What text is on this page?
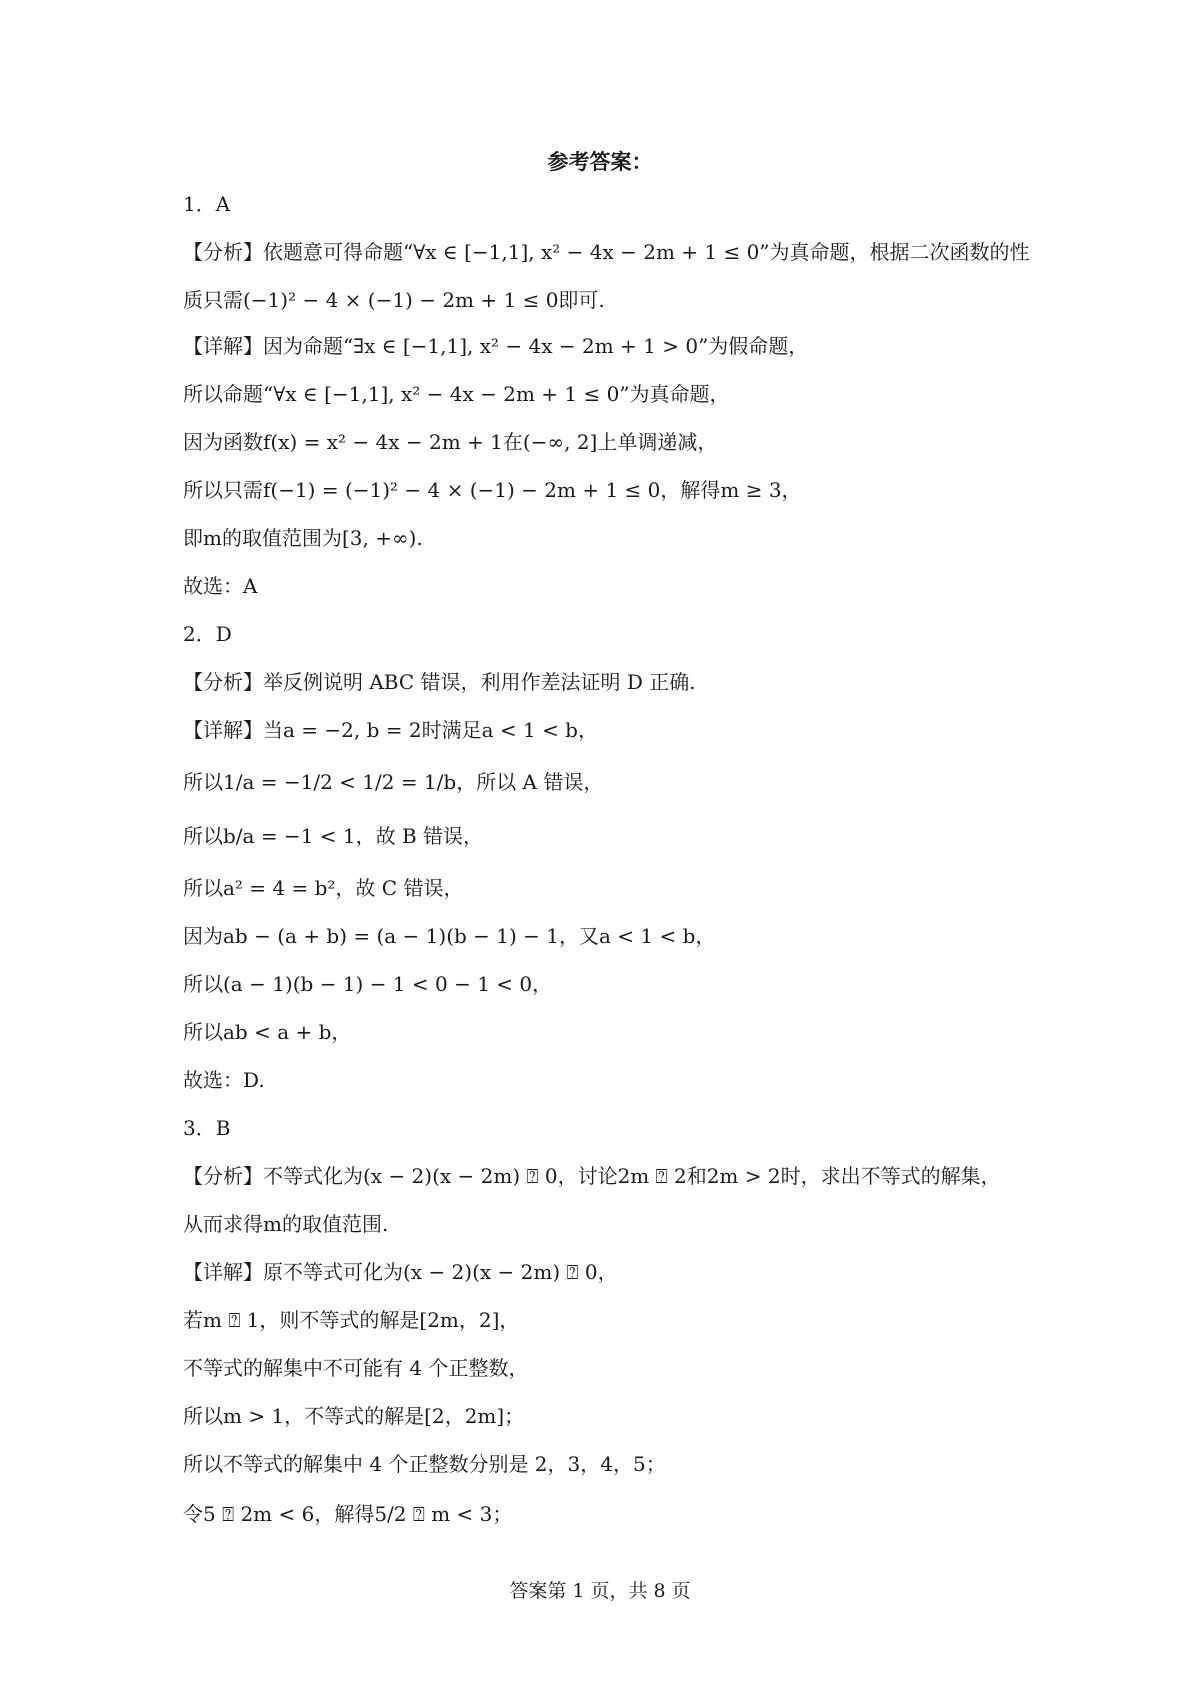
参考答案：
1．A
【分析】依题意可得命题“∀x ∈ [−1,1], x² − 4x − 2m + 1 ≤ 0”为真命题，根据二次函数的性
质只需(−1)² − 4 × (−1) − 2m + 1 ≤ 0即可.
【详解】因为命题“∃x ∈ [−1,1], x² − 4x − 2m + 1 > 0”为假命题，
所以命题“∀x ∈ [−1,1], x² − 4x − 2m + 1 ≤ 0”为真命题，
因为函数f(x) = x² − 4x − 2m + 1在(−∞, 2]上单调递减，
所以只需f(−1) = (−1)² − 4 × (−1) − 2m + 1 ≤ 0，解得m ≥ 3，
即m的取值范围为[3, +∞).
故选：A
2．D
【分析】举反例说明 ABC 错误，利用作差法证明 D 正确.
【详解】当a = −2, b = 2时满足a < 1 < b，
所以1/a = −1/2 < 1/2 = 1/b，所以 A 错误，
所以b/a = −1 < 1，故 B 错误，
所以a² = 4 = b²，故 C 错误，
因为ab − (a + b) = (a − 1)(b − 1) − 1，又a < 1 < b，
所以(a − 1)(b − 1) − 1 < 0 − 1 < 0，
所以ab < a + b，
故选：D.
3．B
【分析】不等式化为(x − 2)(x − 2m) ⍰ 0，讨论2m ⍰ 2和2m > 2时，求出不等式的解集，
从而求得m的取值范围.
【详解】原不等式可化为(x − 2)(x − 2m) ⍰ 0，
若m ⍰ 1，则不等式的解是[2m，2]，
不等式的解集中不可能有 4 个正整数，
所以m > 1，不等式的解是[2，2m]；
所以不等式的解集中 4 个正整数分别是 2，3，4，5；
令5 ⍰ 2m < 6，解得5/2 ⍰ m < 3；
答案第 1 页，共 8 页
